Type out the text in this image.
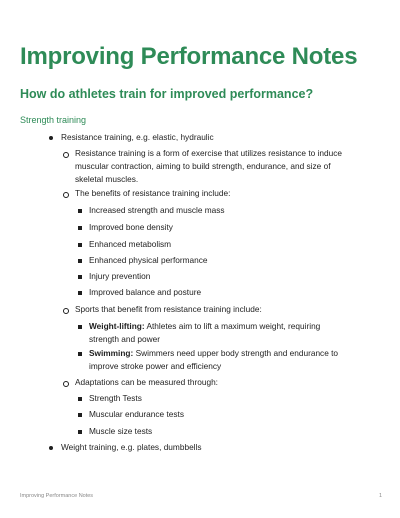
Improving Performance Notes
How do athletes train for improved performance?
Strength training
Resistance training, e.g. elastic, hydraulic
Resistance training is a form of exercise that utilizes resistance to induce
muscular contraction, aiming to build strength, endurance, and size of
skeletal muscles.
The benefits of resistance training include:
Increased strength and muscle mass
Improved bone density
Enhanced metabolism
Enhanced physical performance
Injury prevention
Improved balance and posture
Sports that benefit from resistance training include:
Weight-lifting: Athletes aim to lift a maximum weight, requiring
strength and power
Swimming: Swimmers need upper body strength and endurance to
improve stroke power and efficiency
Adaptations can be measured through:
Strength Tests
Muscular endurance tests
Muscle size tests
Weight training, e.g. plates, dumbbells
Improving Performance Notes	1
